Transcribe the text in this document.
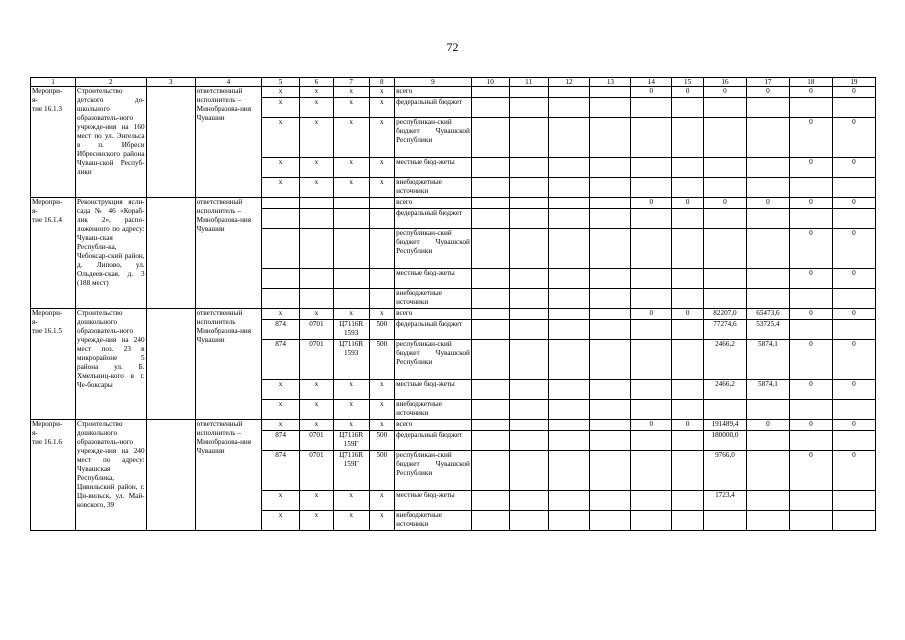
72
1	2	3	4	5	6	7	8	9	10	11	12	13	14	15	16	17	18	19
Меропри-
я-
тие 16.1.3	Строительство детского до-школьного образователь-ного учрежде-ния на 160 мест по ул. Энгельса в п. Ибреси Ибресинского района Чуваш-ской Респуб-лики		ответственный исполнитель – Минобразова-ния Чувашии	x	x	x	x	всего					0	0	0	0	0	0
				x	x	x	x	федеральный бюджет										
				x	x	x	x	республикан-ский бюджет Чувашской Республики									0	0
				x	x	x	x	местные бюд-жеты									0	0
				x	x	x	x	внебюджетные источники										
Меропри-
я-
тие 16.1.4	Реконструкция ясли-сада № 46 «Кораб-лик 2», распо-ложенного по адресу: Чуваш-ская Республи-ка, Чебоксар-ский район, д. Липово, ул. Ольдеев-ская, д. 3 (188 мест)		ответственный исполнитель – Минобразова-ния Чувашии					всего					0	0	0	0	0	0
								федеральный бюджет										
								республикан-ский бюджет Чувашской Республики									0	0
								местные бюд-жеты									0	0
								внебюджетные источники										
Меропри-
я-
тие 16.1.5	Строительство дошкольного образователь-ного учрежде-ния на 240 мест поз. 23 в микрорайоне 5 района ул. Б. Хмельниц-кого в г. Че-боксары		ответственный исполнитель Минобразова-ния Чувашии	x	x	x	x	всего					0	0	82207,0	65473,6	0	0
				874	0701	Ц7116R 1593	500	федеральный бюджет							77274,6	53725,4		
				874	0701	Ц7116R 1593	500	республикан-ский бюджет Чувашской Республики							2466,2	5874,1	0	0
				x	x	x	x	местные бюд-жеты							2466,2	5874,1	0	0
				x	x	x	x	внебюджетные источники										
Меропри-
я-
тие 16.1.6	Строительство дошкольного образователь-ного учрежде-ния на 240 мест по адресу: Чувашская Республика, Цивильский район, г. Ци-вильск, ул. Май-ковского, 39		ответственный исполнитель – Минобразова-ния Чувашии	x	x	x	x	всего					0	0	191489,4	0	0	0
				874	0701	Ц7116R 159Г	500	федеральный бюджет							180000,0			
				874	0701	Ц7116R 159Г	500	республикан-ский бюджет Чувашской Республики							9766,0		0	0
				x	x	x	x	местные бюд-жеты							1723,4			
				x	x	x	x	внебюджетные источники										
